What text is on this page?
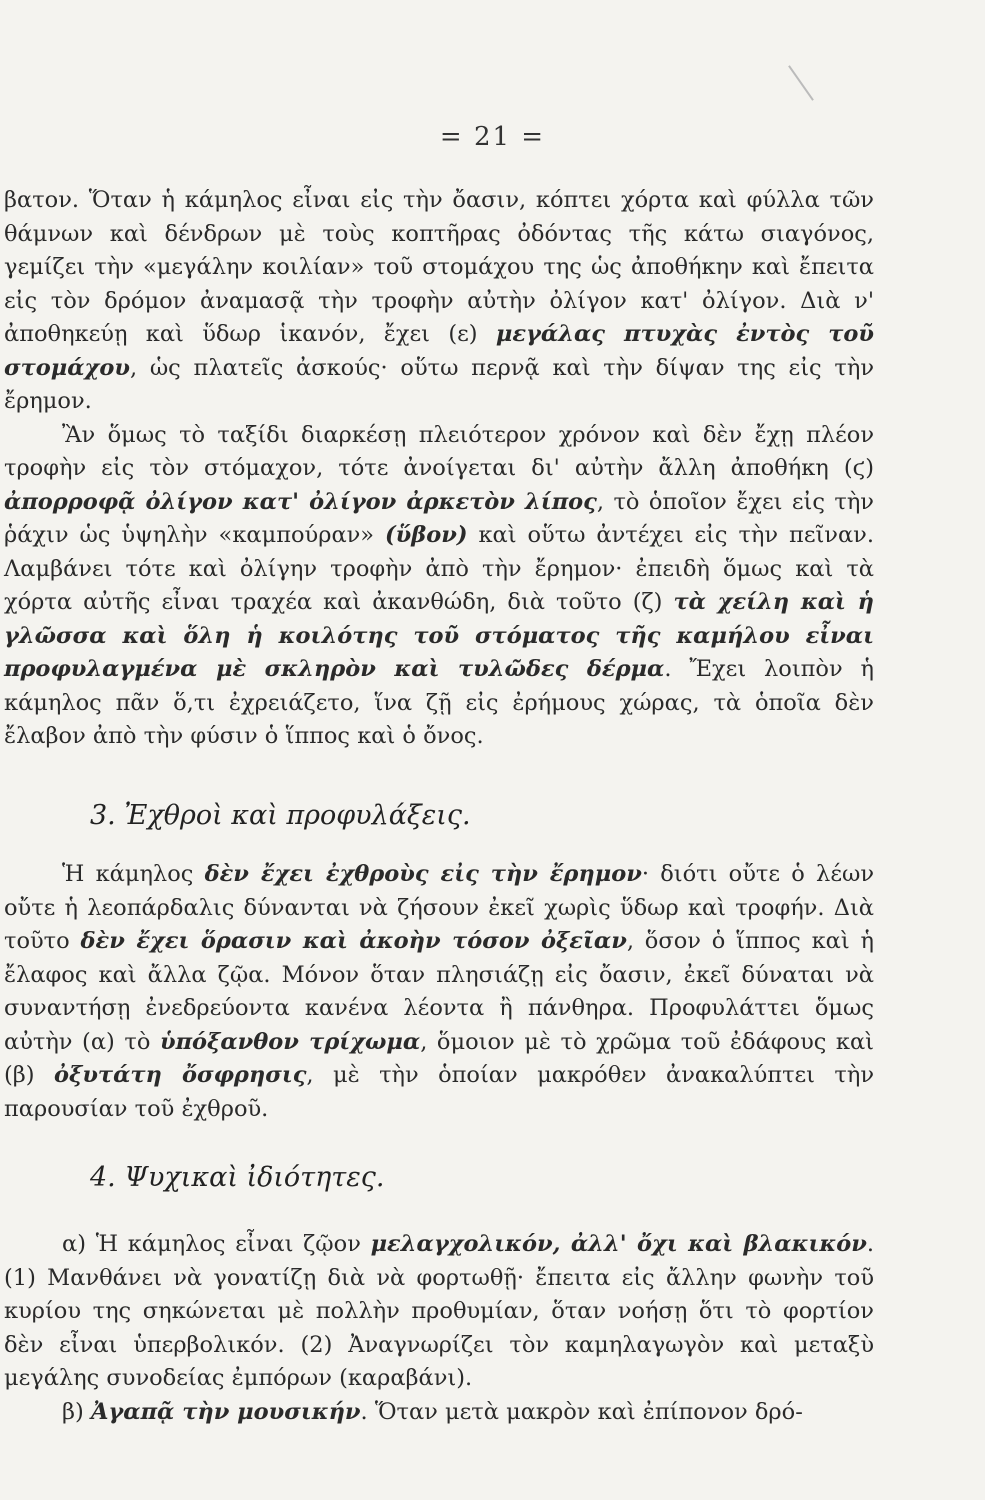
= 21 =

βατον. Ὅταν ἡ κάμηλος εἶναι εἰς τὴν ὄασιν, κόπτει χόρτα καὶ φύλλα τῶν θάμνων καὶ δένδρων μὲ τοὺς κοπτῆρας ὀδόντας τῆς κάτω σιαγόνος, γεμίζει τὴν «μεγάλην κοιλίαν» τοῦ στομάχου της ὡς ἀποθήκην καὶ ἔπειτα εἰς τὸν δρόμον ἀναμασᾷ τὴν τροφὴν αὐτὴν ὀλίγον κατ' ὀλίγον. Διὰ ν' ἀποθηκεύῃ καὶ ὕδωρ ἱκανόν, ἔχει (ε) μεγάλας πτυχὰς ἐντὸς τοῦ στομάχου, ὡς πλατεῖς ἀσκούς· οὕτω περνᾷ καὶ τὴν δίψαν της εἰς τὴν ἔρημον.

Ἂν ὅμως τὸ ταξίδι διαρκέσῃ πλειότερον χρόνον καὶ δὲν ἔχῃ πλέον τροφὴν εἰς τὸν στόμαχον, τότε ἀνοίγεται δι' αὐτὴν ἄλλη ἀποθήκη (ϛ) ἀπορροφᾷ ὀλίγον κατ' ὀλίγον ἀρκετὸν λίπος, τὸ ὁποῖον ἔχει εἰς τὴν ῥάχιν ὡς ὑψηλὴν «καμπούραν» (ὕβον) καὶ οὕτω ἀντέχει εἰς τὴν πεῖναν. Λαμβάνει τότε καὶ ὀλίγην τροφὴν ἀπὸ τὴν ἔρημον· ἐπειδὴ ὅμως καὶ τὰ χόρτα αὐτῆς εἶναι τραχέα καὶ ἀκανθώδη, διὰ τοῦτο (ζ) τὰ χείλη καὶ ἡ γλῶσσα καὶ ὅλη ἡ κοιλότης τοῦ στόματος τῆς καμήλου εἶναι προφυλαγμένα μὲ σκληρὸν καὶ τυλῶδες δέρμα. Ἔχει λοιπὸν ἡ κάμηλος πᾶν ὅ,τι ἐχρειάζετο, ἵνα ζῇ εἰς ἐρήμους χώρας, τὰ ὁποῖα δὲν ἔλαβον ἀπὸ τὴν φύσιν ὁ ἵππος καὶ ὁ ὄνος.

3. Ἐχθροὶ καὶ προφυλάξεις.

Ἡ κάμηλος δὲν ἔχει ἐχθροὺς εἰς τὴν ἔρημον· διότι οὔτε ὁ λέων οὔτε ἡ λεοπάρδαλις δύνανται νὰ ζήσουν ἐκεῖ χωρὶς ὕδωρ καὶ τροφήν. Διὰ τοῦτο δὲν ἔχει ὅρασιν καὶ ἀκοὴν τόσον ὀξεῖαν, ὅσον ὁ ἵππος καὶ ἡ ἔλαφος καὶ ἄλλα ζῷα. Μόνον ὅταν πλησιάζῃ εἰς ὄασιν, ἐκεῖ δύναται νὰ συναντήσῃ ἐνεδρεύοντα κανένα λέοντα ἢ πάνθηρα. Προφυλάττει ὅμως αὐτὴν (α) τὸ ὑπόξανθον τρίχωμα, ὅμοιον μὲ τὸ χρῶμα τοῦ ἐδάφους καὶ (β) ὀξυτάτη ὄσφρησις, μὲ τὴν ὁποίαν μακρόθεν ἀνακαλύπτει τὴν παρουσίαν τοῦ ἐχθροῦ.

4. Ψυχικαὶ ἰδιότητες.

α) Ἡ κάμηλος εἶναι ζῷον μελαγχολικόν, ἀλλ' ὄχι καὶ βλακικόν. (1) Μανθάνει νὰ γονατίζῃ διὰ νὰ φορτωθῇ· ἔπειτα εἰς ἄλλην φωνὴν τοῦ κυρίου της σηκώνεται μὲ πολλὴν προθυμίαν, ὅταν νοήσῃ ὅτι τὸ φορτίον δὲν εἶναι ὑπερβολικόν. (2) Ἀναγνωρίζει τὸν καμηλαγωγὸν καὶ μεταξὺ μεγάλης συνοδείας ἐμπόρων (καραβάνι).

β) Ἀγαπᾷ τὴν μουσικήν. Ὅταν μετὰ μακρὸν καὶ ἐπίπονον δρό-
